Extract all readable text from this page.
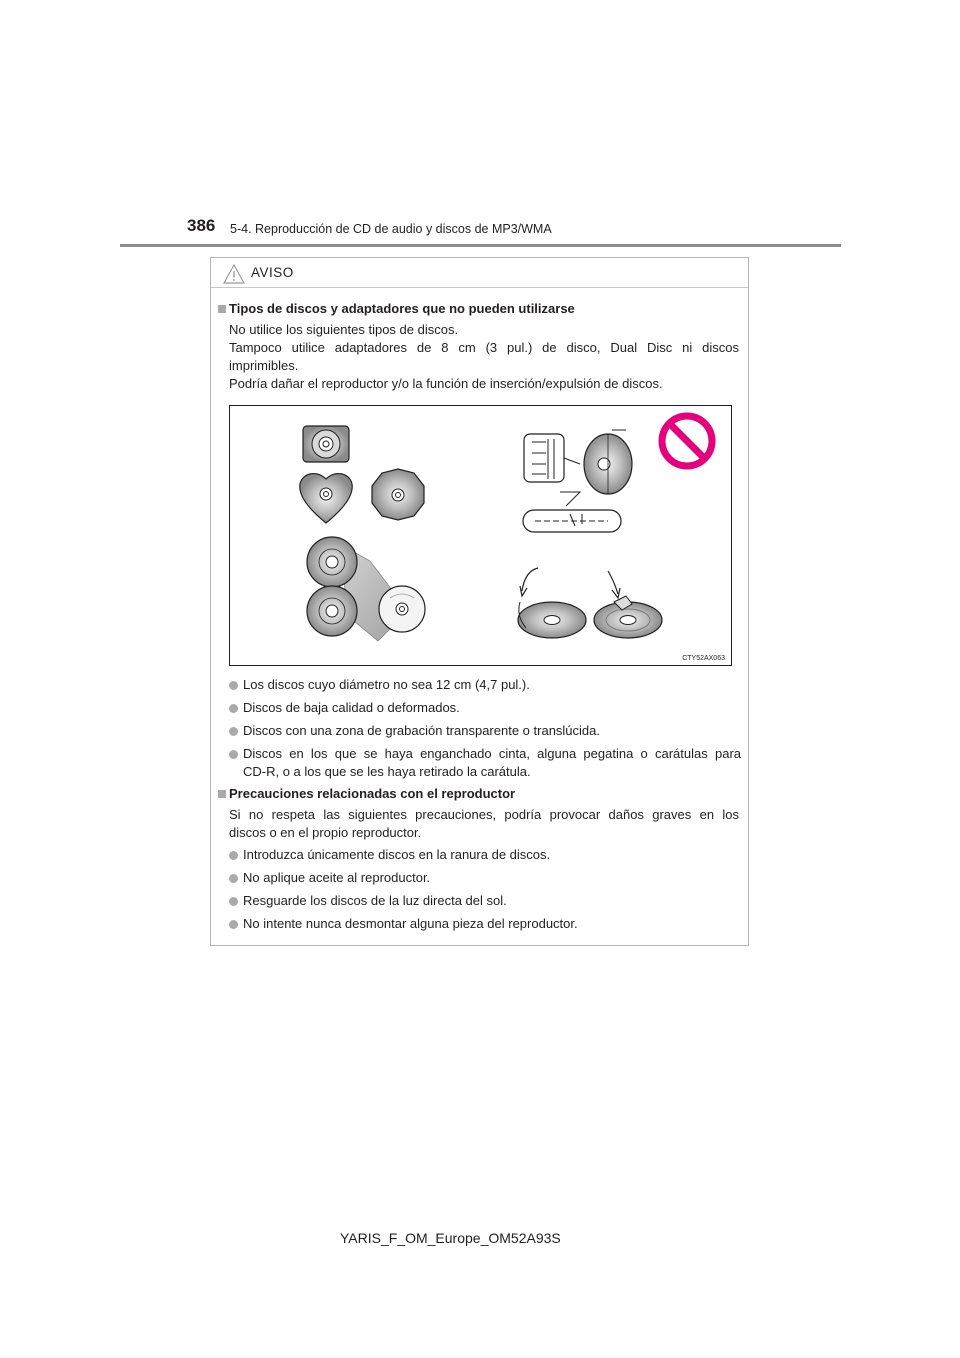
386 5-4. Reproducción de CD de audio y discos de MP3/WMA
AVISO
Tipos de discos y adaptadores que no pueden utilizarse
No utilice los siguientes tipos de discos.
Tampoco utilice adaptadores de 8 cm (3 pul.) de disco, Dual Disc ni discos
imprimibles.
Podría dañar el reproductor y/o la función de inserción/expulsión de discos.
CTY52AX063
Los discos cuyo diámetro no sea 12 cm (4,7 pul.).
Discos de baja calidad o deformados.
Discos con una zona de grabación transparente o translúcida.
Discos en los que se haya enganchado cinta, alguna pegatina o carátulas para
CD-R, o a los que se les haya retirado la carátula.
Precauciones relacionadas con el reproductor
Si no respeta las siguientes precauciones, podría provocar daños graves en los
discos o en el propio reproductor.
Introduzca únicamente discos en la ranura de discos.
No aplique aceite al reproductor.
Resguarde los discos de la luz directa del sol.
No intente nunca desmontar alguna pieza del reproductor.
YARIS_F_OM_Europe_OM52A93S
